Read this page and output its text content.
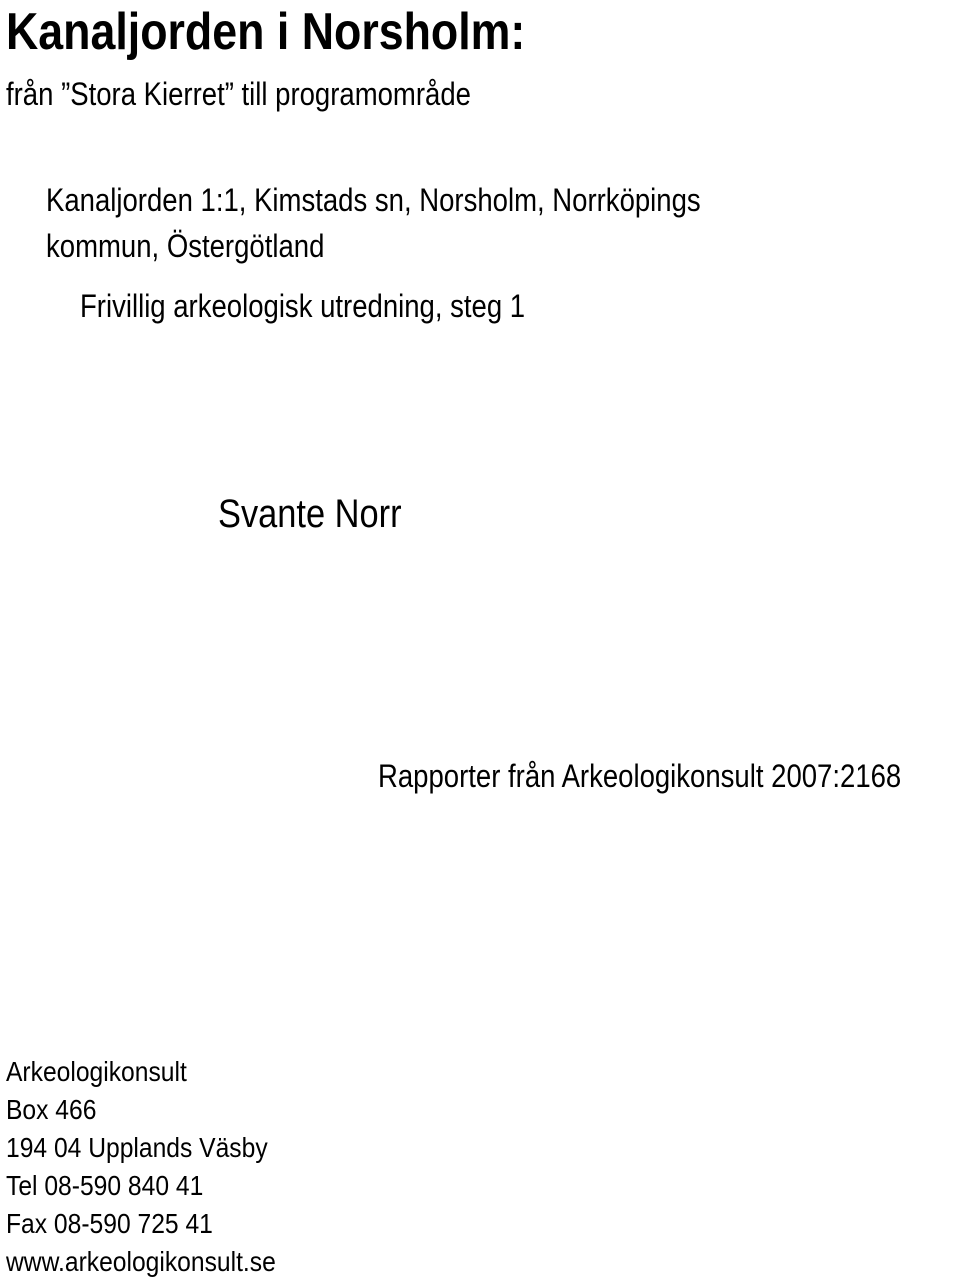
Kanaljorden i Norsholm:
från ”Stora Kierret” till programområde
Kanaljorden 1:1, Kimstads sn, Norsholm, Norrköpings
kommun, Östergötland
Frivillig arkeologisk utredning, steg 1
Svante Norr
Rapporter från Arkeologikonsult 2007:2168
Arkeologikonsult
Box 466
194 04 Upplands Väsby
Tel 08-590 840 41
Fax 08-590 725 41
www.arkeologikonsult.se
